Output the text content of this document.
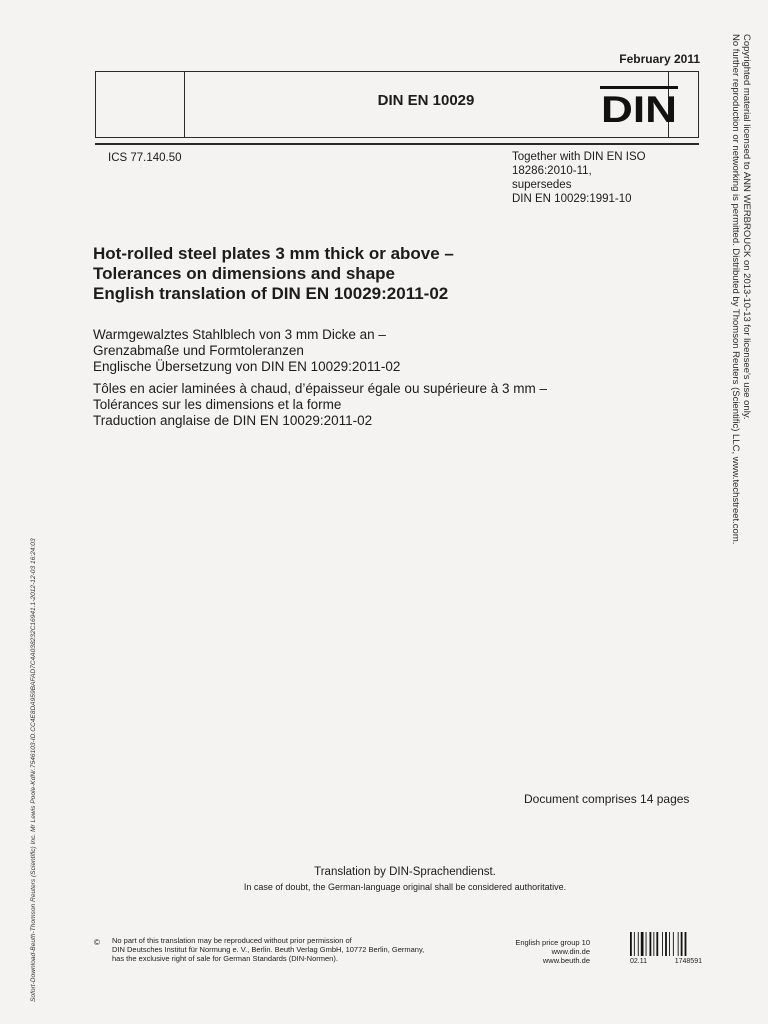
February 2011
DIN EN 10029	DIN
ICS 77.140.50	Together with DIN EN ISO
18286:2010-11,
supersedes
DIN EN 10029:1991-10
Hot-rolled steel plates 3 mm thick or above –
Tolerances on dimensions and shape
English translation of DIN EN 10029:2011-02
Warmgewalztes Stahlblech von 3 mm Dicke an –
Grenzabmaße und Formtoleranzen
Englische Übersetzung von DIN EN 10029:2011-02
Tôles en acier laminées à chaud, d’épaisseur égale ou supérieure à 3 mm –
Tolérances sur les dimensions et la forme
Traduction anglaise de DIN EN 10029:2011-02
Document comprises 14 pages
Translation by DIN-Sprachendienst.
In case of doubt, the German-language original shall be considered authoritative.
© No part of this translation may be reproduced without prior permission of
DIN Deutsches Institut für Normung e. V., Berlin. Beuth Verlag GmbH, 10772 Berlin, Germany,
has the exclusive right of sale for German Standards (DIN-Normen).
English price group 10
www.din.de
www.beuth.de	02.11	1748591
Copyrighted material licensed to ANN WERBROUCK on 2013-10-13 for licensee's use only.
No further reproduction or networking is permitted. Distributed by Thomson Reuters (Scientific) LLC, www.techstreet.com.
Sofort-Download-Beuth-Thomson Reuters (Scientific) Inc. Mr Lewis Poole-KdNr.7546103-ID.CC4E8DA959BAFAD7C4A038232C16941.1-2012-12-03 16:24:03
